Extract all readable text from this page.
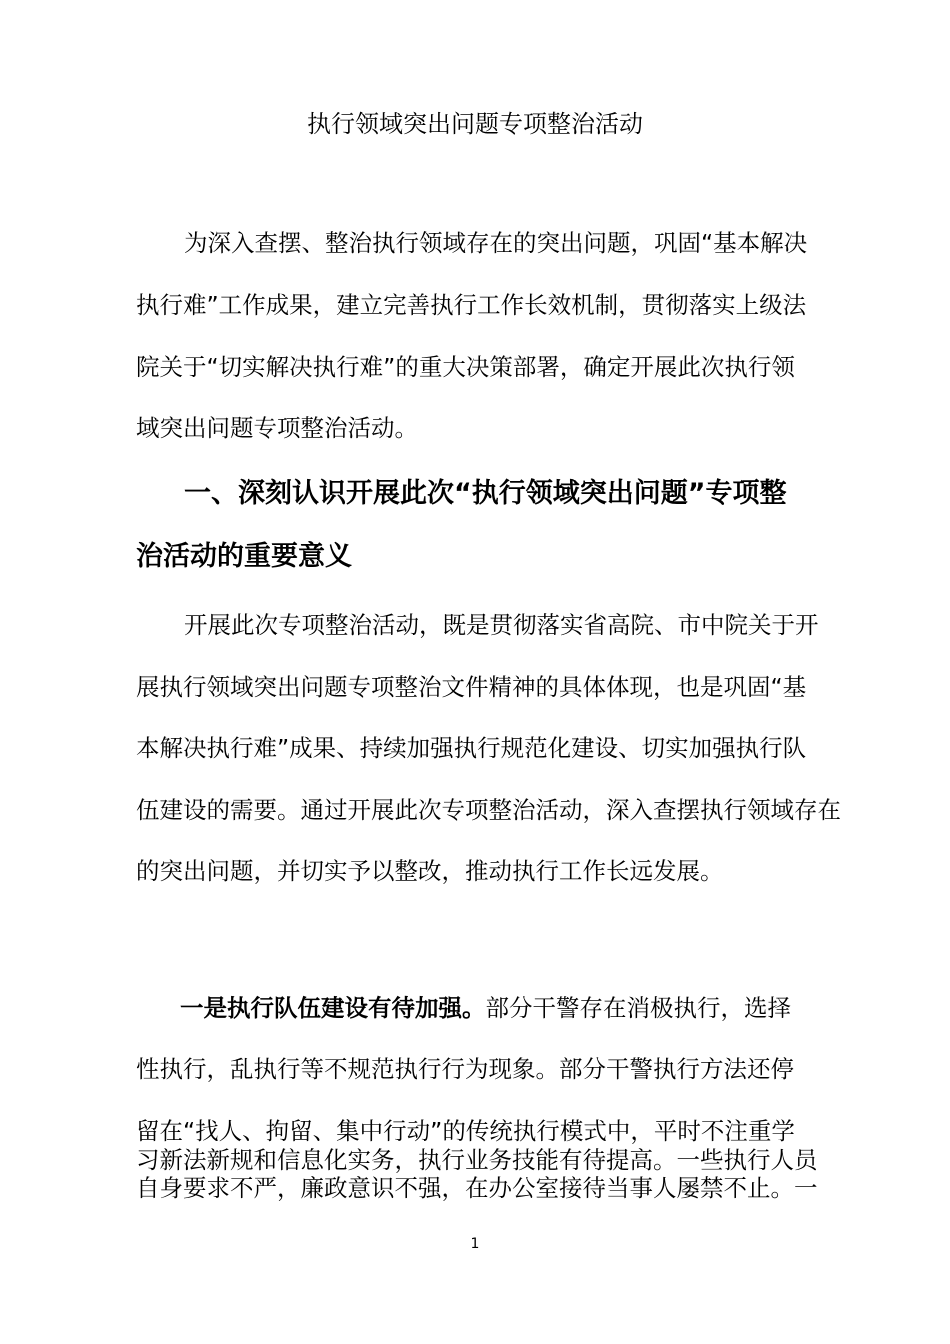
执行领域突出问题专项整治活动
为深入查摆、整治执行领域存在的突出问题，巩固“基本解决
执行难”工作成果，建立完善执行工作长效机制，贯彻落实上级法
院关于“切实解决执行难”的重大决策部署，确定开展此次执行领
域突出问题专项整治活动。
一、深刻认识开展此次“执行领域突出问题”专项整
治活动的重要意义
开展此次专项整治活动，既是贯彻落实省高院、市中院关于开
展执行领域突出问题专项整治文件精神的具体体现，也是巩固“基
本解决执行难”成果、持续加强执行规范化建设、切实加强执行队
伍建设的需要。通过开展此次专项整治活动，深入查摆执行领域存在
的突出问题，并切实予以整改，推动执行工作长远发展。
一是执行队伍建设有待加强。部分干警存在消极执行，选择
性执行，乱执行等不规范执行行为现象。部分干警执行方法还停
留在“找人、拘留、集中行动”的传统执行模式中，平时不注重学
习新法新规和信息化实务，执行业务技能有待提高。一些执行人员
自身要求不严，廉政意识不强，在办公室接待当事人屡禁不止。一
1
